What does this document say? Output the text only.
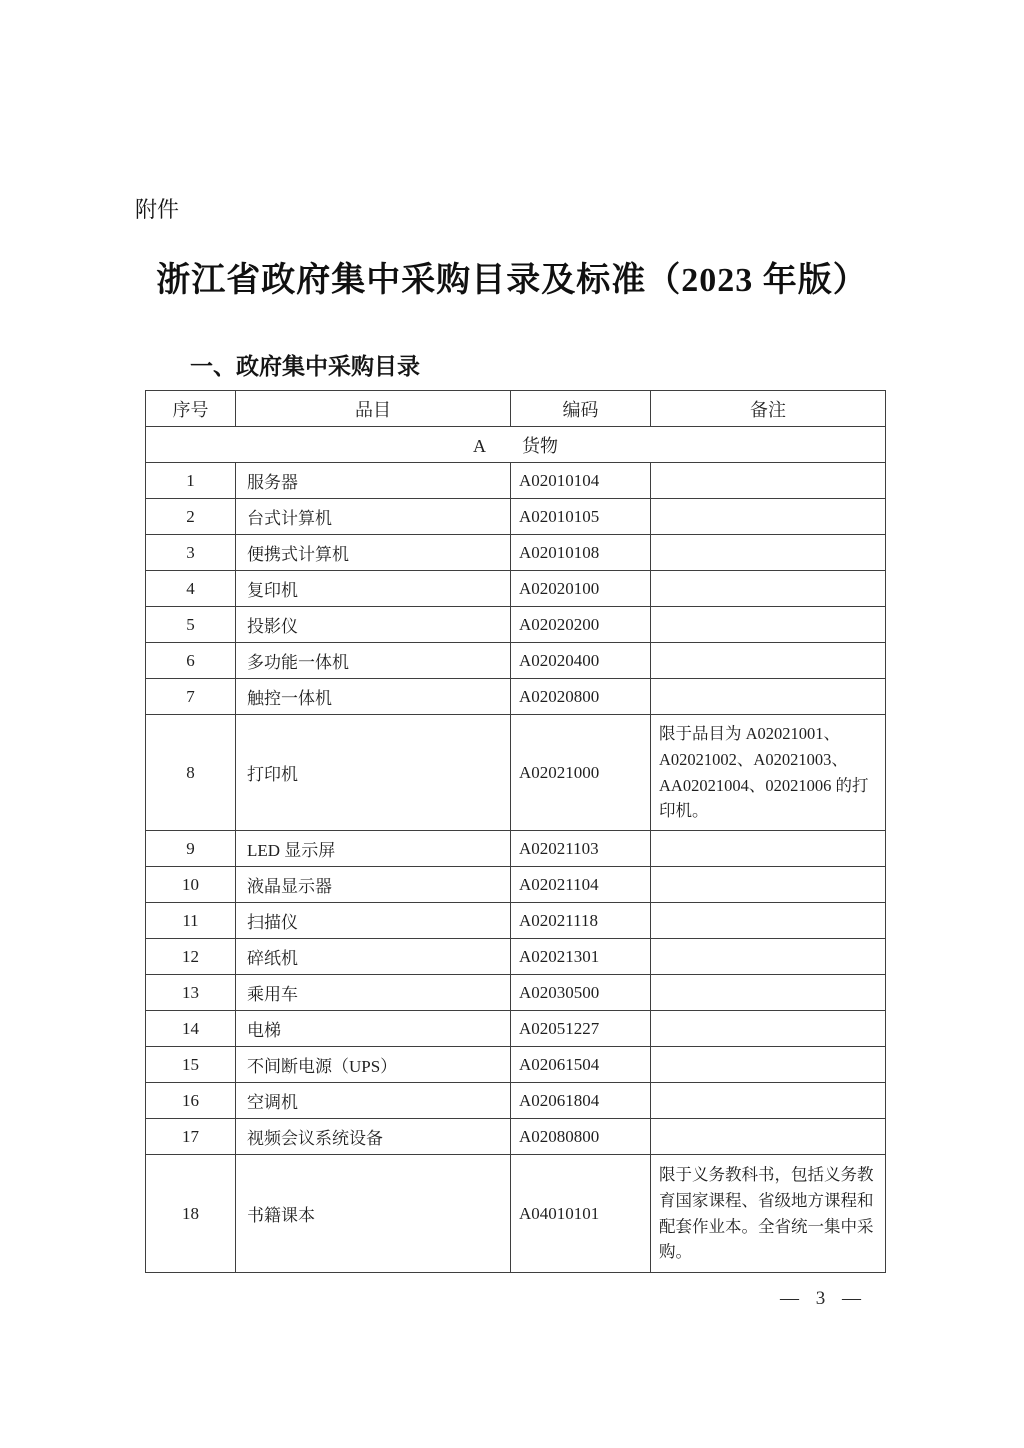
附件
浙江省政府集中采购目录及标准（2023 年版）
一、政府集中采购目录
序号	品目	编码	备注
A 货物			
1	服务器	A02010104	
2	台式计算机	A02010105	
3	便携式计算机	A02010108	
4	复印机	A02020100	
5	投影仪	A02020200	
6	多功能一体机	A02020400	
7	触控一体机	A02020800	
8	打印机	A02021000	限于品目为 A02021001、A02021002、A02021003、AA02021004、02021006 的打印机。
9	LED 显示屏	A02021103	
10	液晶显示器	A02021104	
11	扫描仪	A02021118	
12	碎纸机	A02021301	
13	乘用车	A02030500	
14	电梯	A02051227	
15	不间断电源（UPS）	A02061504	
16	空调机	A02061804	
17	视频会议系统设备	A02080800	
18	书籍课本	A04010101	限于义务教科书，包括义务教育国家课程、省级地方课程和配套作业本。全省统一集中采购。
— 3 —
